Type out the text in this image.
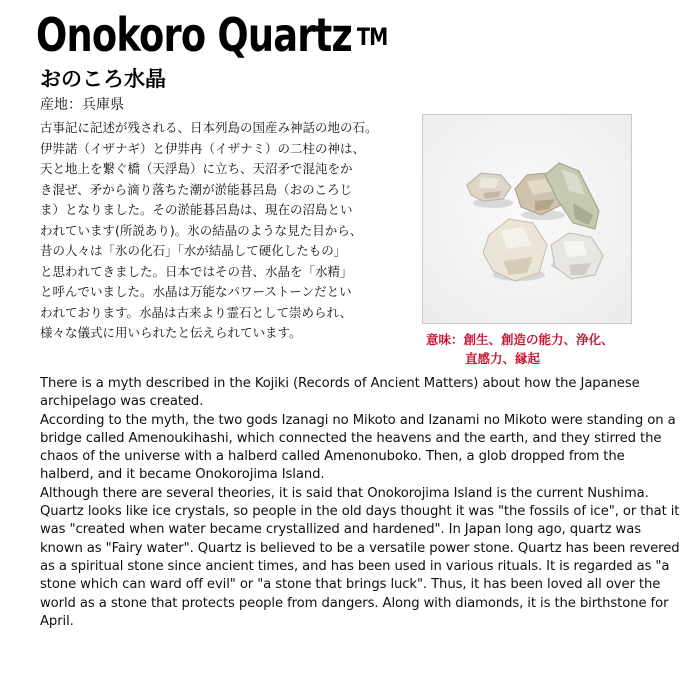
Onokoro Quartz ™
おのころ水晶
産地：兵庫県

古事記に記述が残される、日本列島の国産み神話の地の石。
伊弉諾（イザナギ）と伊弉冉（イザナミ）の二柱の神は、
天と地上を繋ぐ橋（天浮島）に立ち、天沼矛で混沌をか
き混ぜ、矛から滴り落ちた潮が淤能碁呂島（おのころじ
ま）となりました。その淤能碁呂島は、現在の沼島とい
われています(所説あり)。氷の結晶のような見た目から、
昔の人々は「氷の化石」「水が結晶して硬化したもの」
と思われてきました。日本ではその昔、水晶を「水精」
と呼んでいました。水晶は万能なパワーストーンだとい
われております。水晶は古来より霊石として崇められ、
様々な儀式に用いられたと伝えられています。	意味：創生、創造の能力、浄化、
直感力、縁起

There is a myth described in the Kojiki (Records of Ancient Matters) about how the Japanese archipelago was created.

According to the myth, the two gods Izanagi no Mikoto and Izanami no Mikoto were standing on a bridge called Amenoukihashi, which connected the heavens and the earth, and they stirred the chaos of the universe with a halberd called Amenonuboko. Then, a glob dropped from the halberd, and it became Onokorojima Island.

Although there are several theories, it is said that Onokorojima Island is the current Nushima.

Quartz looks like ice crystals, so people in the old days thought it was "the fossils of ice", or that it was "created when water became crystallized and hardened". In Japan long ago, quartz was known as "Fairy water". Quartz is believed to be a versatile power stone. Quartz has been revered as a spiritual stone since ancient times, and has been used in various rituals. It is regarded as "a stone which can ward off evil" or "a stone that brings luck". Thus, it has been loved all over the world as a stone that protects people from dangers. Along with diamonds, it is the birthstone for April.
